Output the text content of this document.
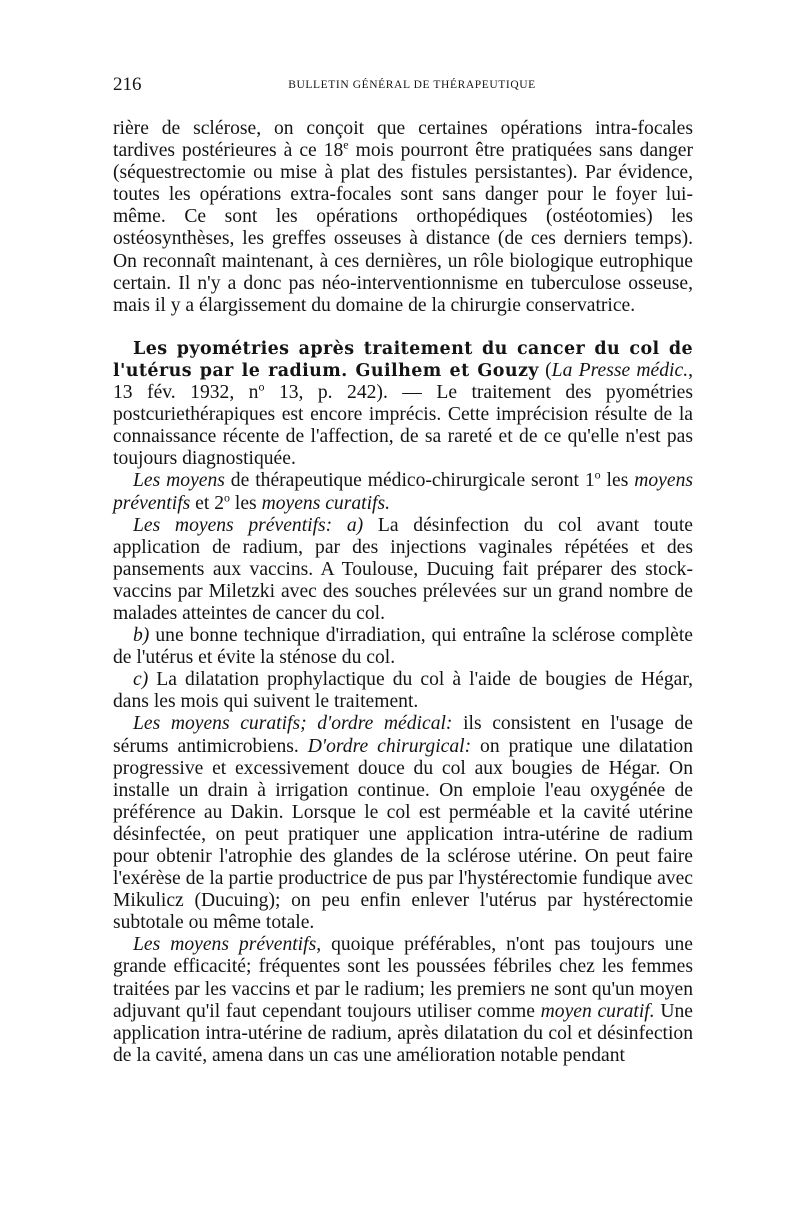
216	BULLETIN GÉNÉRAL DE THÉRAPEUTIQUE

rière de sclérose, on conçoit que certaines opérations intra-focales tardives postérieures à ce 18e mois pourront être pratiquées sans danger (séquestrectomie ou mise à plat des fistules persistantes). Par évidence, toutes les opérations extra-focales sont sans danger pour le foyer lui-même. Ce sont les opérations orthopédiques (ostéotomies) les ostéosynthèses, les greffes osseuses à distance (de ces derniers temps). On reconnaît maintenant, à ces dernières, un rôle biologique eutrophique certain. Il n'y a donc pas néo-interventionnisme en tuberculose osseuse, mais il y a élargissement du domaine de la chirurgie conservatrice.

Les pyométries après traitement du cancer du col de l'utérus par le radium. Guilhem et Gouzy (La Presse médic., 13 fév. 1932, $n^o$ 13, p. 242). — Le traitement des pyométries postcuriethérapiques est encore imprécis. Cette imprécision résulte de la connaissance récente de l'affection, de sa rareté et de ce qu'elle n'est pas toujours diagnostiquée.

Les moyens de thérapeutique médico-chirurgicale seront 1$^o$ les moyens préventifs et 2$^o$ les moyens curatifs.

Les moyens préventifs: a) La désinfection du col avant toute application de radium, par des injections vaginales répétées et des pansements aux vaccins. A Toulouse, Ducuing fait préparer des stock-vaccins par Miletzki avec des souches prélevées sur un grand nombre de malades atteintes de cancer du col.

b) une bonne technique d'irradiation, qui entraîne la sclérose complète de l'utérus et évite la sténose du col.

c) La dilatation prophylactique du col à l'aide de bougies de Hégar, dans les mois qui suivent le traitement.

Les moyens curatifs; d'ordre médical: ils consistent en l'usage de sérums antimicrobiens. D'ordre chirurgical: on pratique une dilatation progressive et excessivement douce du col aux bougies de Hégar. On installe un drain à irrigation continue. On emploie l'eau oxygénée de préférence au Dakin. Lorsque le col est perméable et la cavité utérine désinfectée, on peut pratiquer une application intra-utérine de radium pour obtenir l'atrophie des glandes de la sclérose utérine. On peut faire l'exérèse de la partie productrice de pus par l'hystérectomie fundique avec Mikulicz (Ducuing); on peu enfin enlever l'utérus par hystérectomie subtotale ou même totale.

Les moyens préventifs, quoique préférables, n'ont pas toujours une grande efficacité; fréquentes sont les poussées fébriles chez les femmes traitées par les vaccins et par le radium; les premiers ne sont qu'un moyen adjuvant qu'il faut cependant toujours utiliser comme moyen curatif. Une application intra-utérine de radium, après dilatation du col et désinfection de la cavité, amena dans un cas une amélioration notable pendant
